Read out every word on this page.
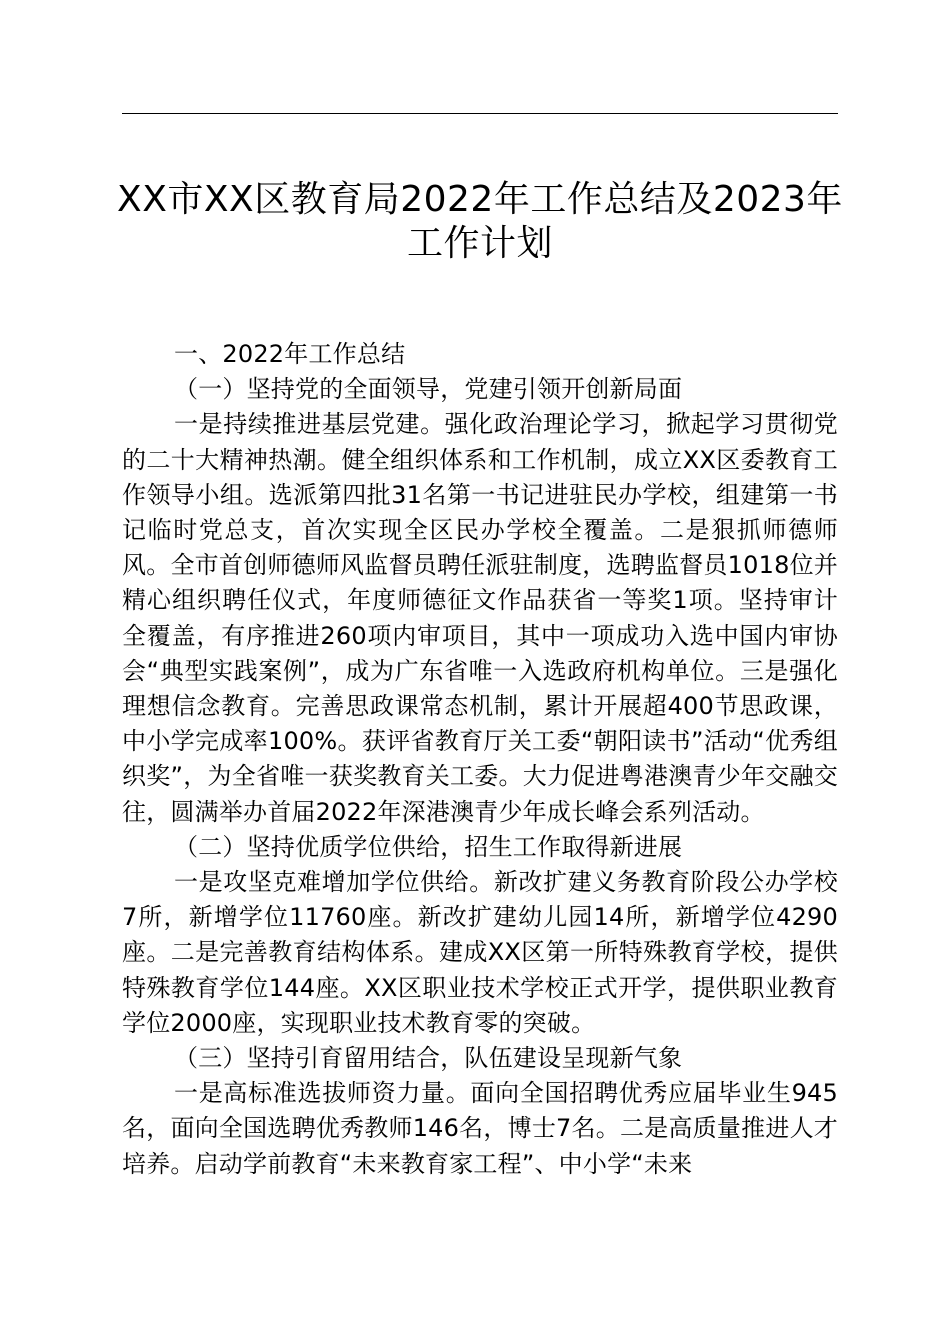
XX市XX区教育局2022年工作总结及2023年
工作计划

一、2022年工作总结

（一）坚持党的全面领导，党建引领开创新局面

一是持续推进基层党建。强化政治理论学习，掀起学习贯彻党的二十大精神热潮。健全组织体系和工作机制，成立XX区委教育工作领导小组。选派第四批31名第一书记进驻民办学校，组建第一书记临时党总支，首次实现全区民办学校全覆盖。二是狠抓师德师风。全市首创师德师风监督员聘任派驻制度，选聘监督员1018位并精心组织聘任仪式，年度师德征文作品获省一等奖1项。坚持审计全覆盖，有序推进260项内审项目，其中一项成功入选中国内审协会“典型实践案例”，成为广东省唯一入选政府机构单位。三是强化理想信念教育。完善思政课常态机制，累计开展超400节思政课，中小学完成率100%。获评省教育厅关工委“朝阳读书”活动“优秀组织奖”，为全省唯一获奖教育关工委。大力促进粤港澳青少年交融交往，圆满举办首届2022年深港澳青少年成长峰会系列活动。

（二）坚持优质学位供给，招生工作取得新进展

一是攻坚克难增加学位供给。新改扩建义务教育阶段公办学校7所，新增学位11760座。新改扩建幼儿园14所，新增学位4290座。二是完善教育结构体系。建成XX区第一所特殊教育学校，提供特殊教育学位144座。XX区职业技术学校正式开学，提供职业教育学位2000座，实现职业技术教育零的突破。

（三）坚持引育留用结合，队伍建设呈现新气象

一是高标准选拔师资力量。面向全国招聘优秀应届毕业生945名，面向全国选聘优秀教师146名，博士7名。二是高质量推进人才培养。启动学前教育“未来教育家工程”、中小学“未来
